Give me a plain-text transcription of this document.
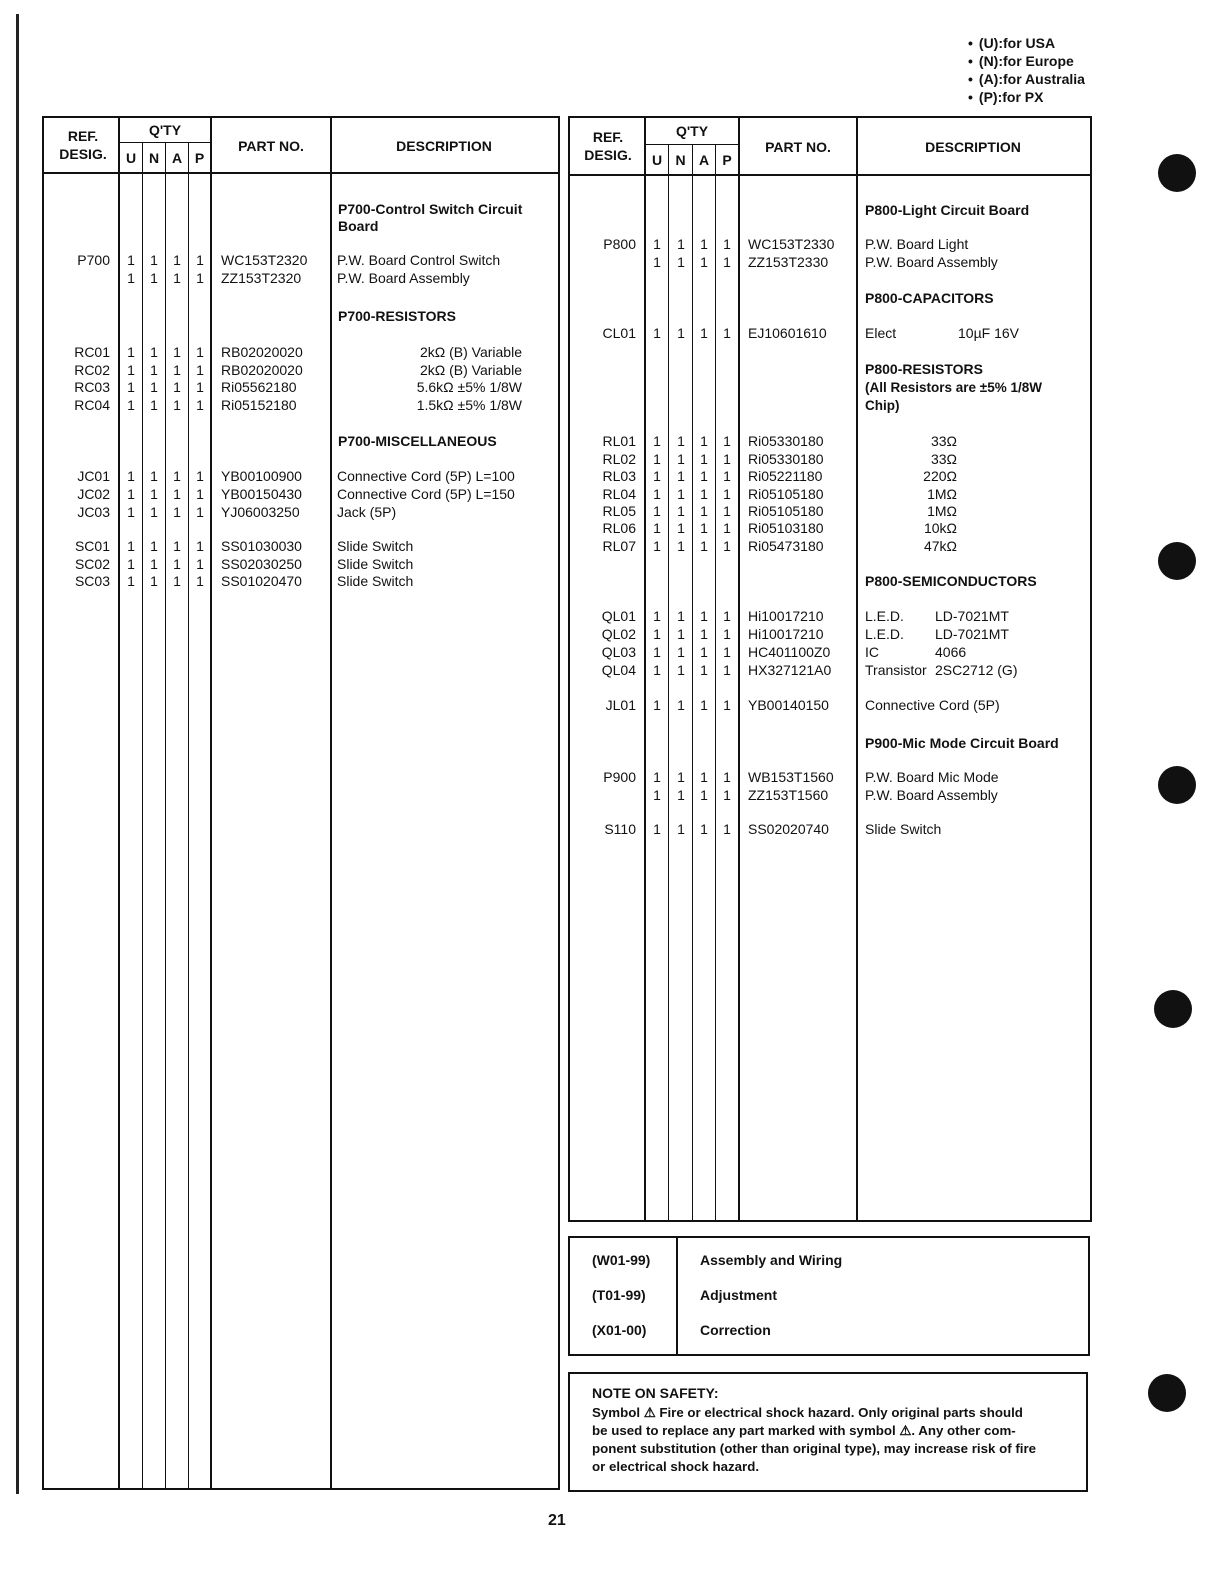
• (U):for USA
• (N):for Europe
• (A):for Australia
• (P):for PX
REF.
DESIG.
Q'TY
U N A P
PART NO.	DESCRIPTION
P700-Control Switch Circuit
Board
P700-RESISTORS
P700-MISCELLANEOUS
P700 1 1 1 1 WC153T2320 P.W. Board Control Switch
1 1 1 1 ZZ153T2320	P.W. Board Assembly
RC01 1 1 1 1 RB02020020	2kΩ (B) Variable
RC02 1 1 1 1 RB02020020	2kΩ (B) Variable
RC03 1 1 1 1 Ri05562180	5.6kΩ ±5% 1/8W
RC04 1 1 1 1 Ri05152180	1.5kΩ ±5% 1/8W
JC01 1 1 1 1 YB00100900	Connective Cord (5P) L=100
JC02 1 1 1 1 YB00150430	Connective Cord (5P) L=150
JC03 1 1 1 1 YJ06003250	Jack (5P)
SC01 1 1 1 1 SS01030030	Slide Switch
SC02 1 1 1 1 SS02030250	Slide Switch
SC03 1 1 1 1 SS01020470	Slide Switch
REF.
DESIG.
Q'TY
U N A P
PART NO.	DESCRIPTION
P800-Light Circuit Board
P800-CAPACITORS
P800-RESISTORS
(All Resistors are ±5% 1/8W
Chip)
P800-SEMICONDUCTORS
P900-Mic Mode Circuit Board
P800 1 1 1 1 WC153T2330 P.W. Board Light
1 1 1 1 ZZ153T2330	P.W. Board Assembly
CL01 1 1 1 1 EJ10601610	Elect	10µF 16V
RL01 1 1 1 1 Ri05330180	33Ω
RL02 1 1 1 1 Ri05330180	33Ω
RL03 1 1 1 1 Ri05221180	220Ω
RL04 1 1 1 1 Ri05105180	1MΩ
RL05 1 1 1 1 Ri05105180	1MΩ
RL06 1 1 1 1 Ri05103180	10kΩ
RL07 1 1 1 1 Ri05473180	47kΩ
QL01 1 1 1 1 Hi10017210	L.E.D. LD-7021MT
QL02 1 1 1 1 Hi10017210	L.E.D. LD-7021MT
QL03 1 1 1 1 HC401100Z0 IC	4066
QL04 1 1 1 1 HX327121A0 Transistor 2SC2712 (G)
JL01 1 1 1 1 YB00140150	Connective Cord (5P)
P900 1 1 1 1 WB153T1560 P.W. Board Mic Mode
1 1 1 1 ZZ153T1560	P.W. Board Assembly
S110 1 1 1 1 SS02020740	Slide Switch
(W01-99)	Assembly and Wiring
(T01-99)	Adjustment
(X01-00)	Correction
NOTE ON SAFETY:
Symbol ⚠ Fire or electrical shock hazard. Only original parts should
be used to replace any part marked with symbol ⚠. Any other com-
ponent substitution (other than original type), may increase risk of fire
or electrical shock hazard.
21
